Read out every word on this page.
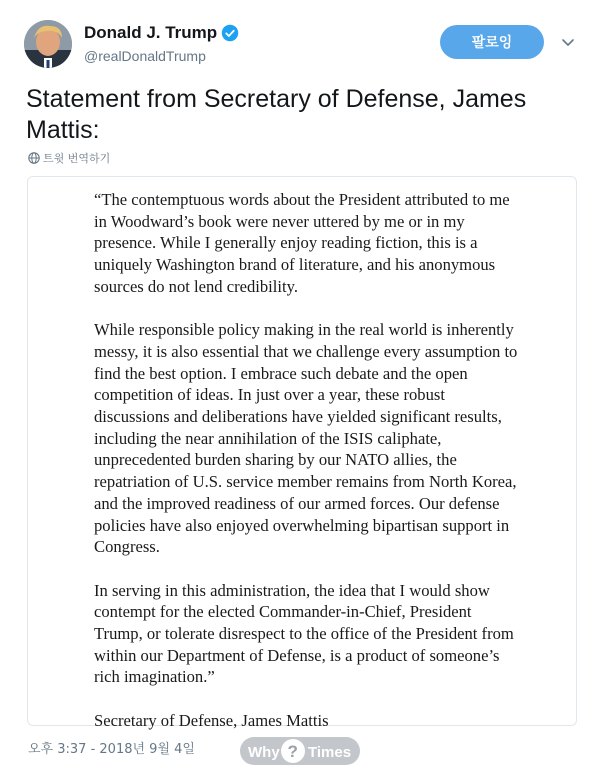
Donald J. Trump
@realDonaldTrump
팔로잉

Statement from Secretary of Defense, James Mattis:

트윗 번역하기

“The contemptuous words about the President attributed to me in Woodward’s book were never uttered by me or in my presence. While I generally enjoy reading fiction, this is a uniquely Washington brand of literature, and his anonymous sources do not lend credibility.

While responsible policy making in the real world is inherently messy, it is also essential that we challenge every assumption to find the best option. I embrace such debate and the open competition of ideas. In just over a year, these robust discussions and deliberations have yielded significant results, including the near annihilation of the ISIS caliphate, unprecedented burden sharing by our NATO allies, the repatriation of U.S. service member remains from North Korea, and the improved readiness of our armed forces. Our defense policies have also enjoyed overwhelming bipartisan support in Congress.

In serving in this administration, the idea that I would show contempt for the elected Commander-in-Chief, President Trump, or tolerate disrespect to the office of the President from within our Department of Defense, is a product of someone’s rich imagination.”

Secretary of Defense, James Mattis

오후 3:37 - 2018년 9월 4일	Why ? Times
